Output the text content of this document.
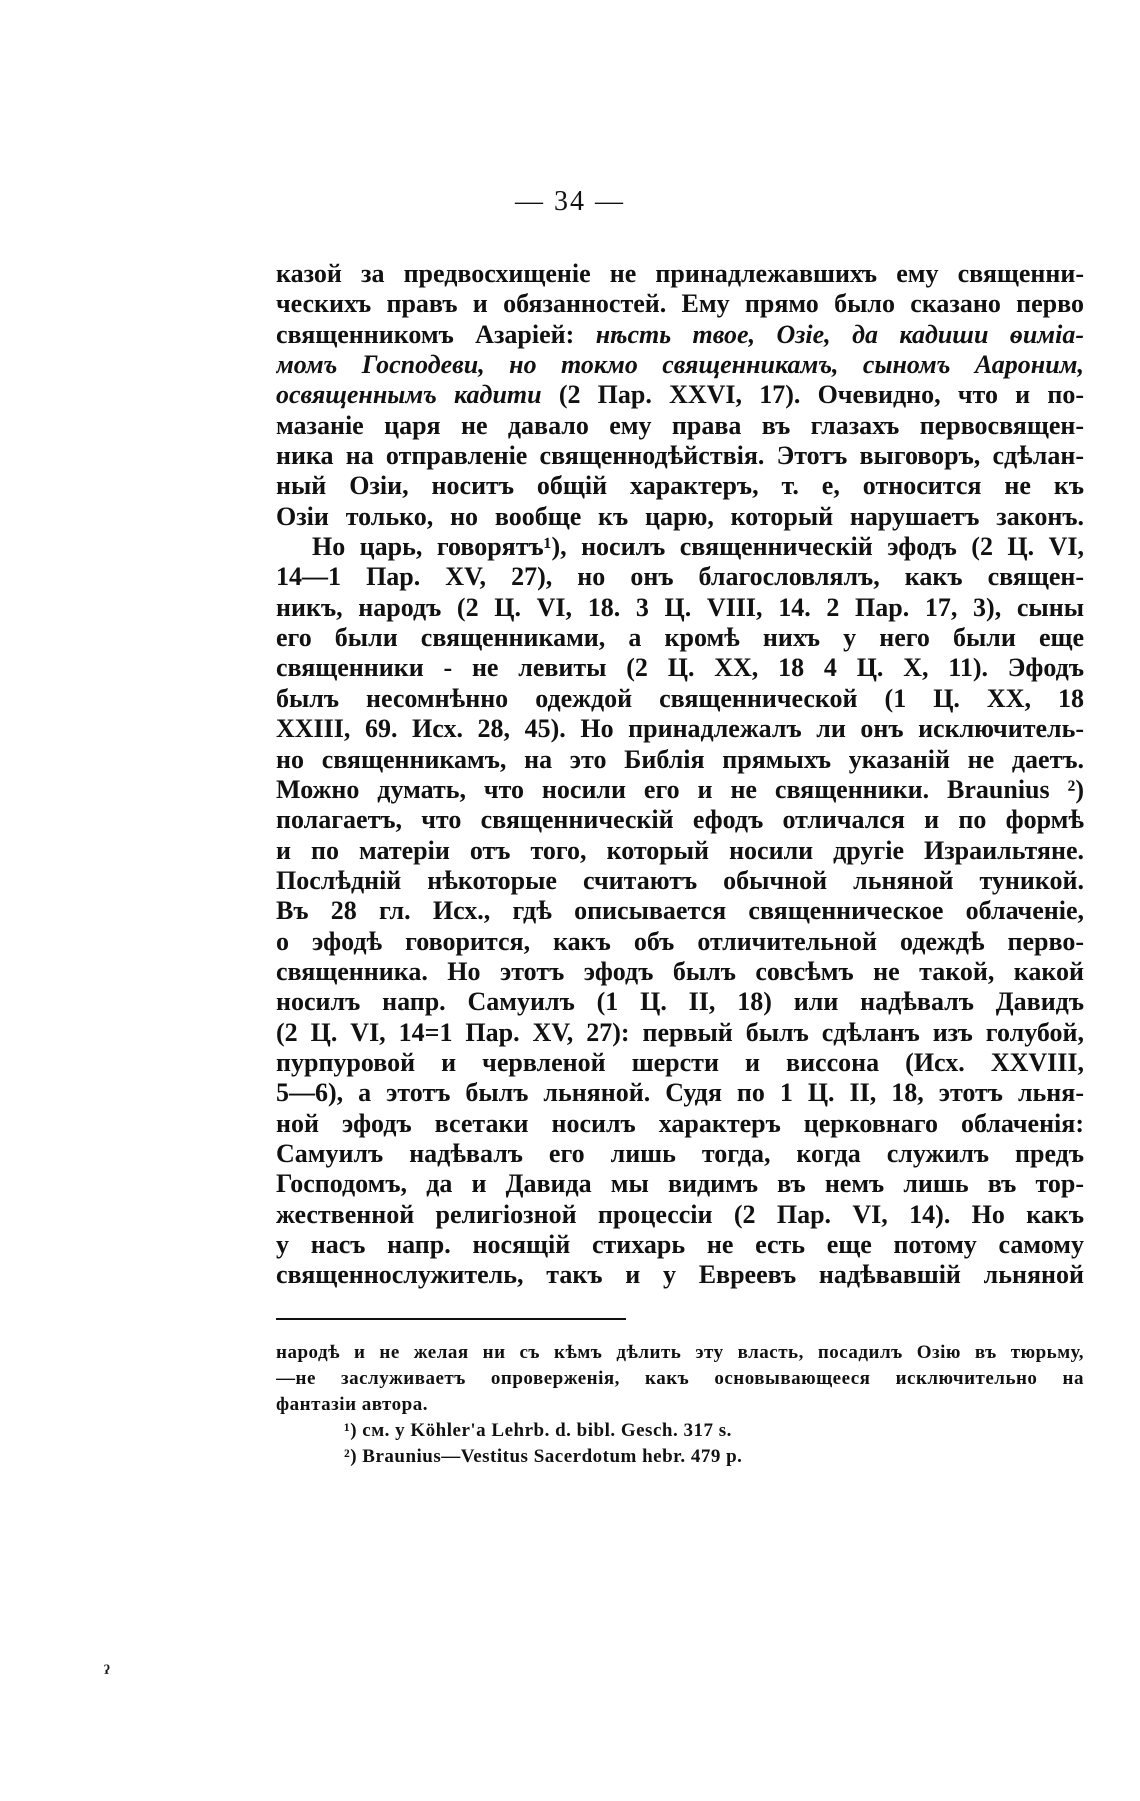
— 34 —
казой за предвосхищеніе не принадлежавшихъ ему священни-
ческихъ правъ и обязанностей. Ему прямо было сказано перво
священникомъ Азаріей: нѣсть твое, Озіе, да кадиши ѳиміа-
момъ Господеви, но токмо священникамъ, сыномъ Аароним,
освященнымъ кадити (2 Пар. XXVI, 17). Очевидно, что и по-
мазаніе царя не давало ему права въ глазахъ первосвящен-
ника на отправленіе священнодѣйствія. Этотъ выговоръ, сдѣлан-
ный Озіи, носитъ общій характеръ, т. е, относится не къ
Озіи только, но вообще къ царю, который нарушаетъ законъ.
Но царь, говорятъ¹), носилъ священническій эфодъ (2 Ц. VI,
14—1 Пар. XV, 27), но онъ благословлялъ, какъ священ-
никъ, народъ (2 Ц. VI, 18. 3 Ц. VIII, 14. 2 Пар. 17, 3), сыны
его были священниками, а кромѣ нихъ у него были еще
священники - не левиты (2 Ц. XX, 18 4 Ц. X, 11). Эфодъ
былъ несомнѣнно одеждой священнической (1 Ц. XX, 18
XXIII, 69. Исх. 28, 45). Но принадлежалъ ли онъ исключитель-
но священникамъ, на это Библія прямыхъ указаній не даетъ.
Можно думать, что носили его и не священники. Braunius ²)
полагаетъ, что священническій ефодъ отличался и по формѣ
и по матеріи отъ того, который носили другіе Израильтяне.
Послѣдній нѣкоторые считаютъ обычной льняной туникой.
Въ 28 гл. Исх., гдѣ описывается священническое облаченіе,
о эфодѣ говорится, какъ объ отличительной одеждѣ перво-
священника. Но этотъ эфодъ былъ совсѣмъ не такой, какой
носилъ напр. Самуилъ (1 Ц. II, 18) или надѣвалъ Давидъ
(2 Ц. VI, 14=1 Пар. XV, 27): первый былъ сдѣланъ изъ голубой,
пурпуровой и червленой шерсти и виссона (Исх. XXVIII,
5—6), а этотъ былъ льняной. Судя по 1 Ц. II, 18, этотъ льня-
ной эфодъ всетаки носилъ характеръ церковнаго облаченія:
Самуилъ надѣвалъ его лишь тогда, когда служилъ предъ
Господомъ, да и Давида мы видимъ въ немъ лишь въ тор-
жественной религіозной процессіи (2 Пар. VI, 14). Но какъ
у насъ напр. носящій стихарь не есть еще потому самому
священнослужитель, такъ и у Евреевъ надѣвавшій льняной
народѣ и не желая ни съ кѣмъ дѣлить эту власть, посадилъ Озію въ тюрьму,
—не заслуживаетъ опроверженія, какъ основывающееся исключительно на
фантазіи автора.
¹) см. у Köhler'a Lehrb. d. bibl. Gesch. 317 s.
²) Braunius—Vestitus Sacerdotum hebr. 479 p.
ˀ
